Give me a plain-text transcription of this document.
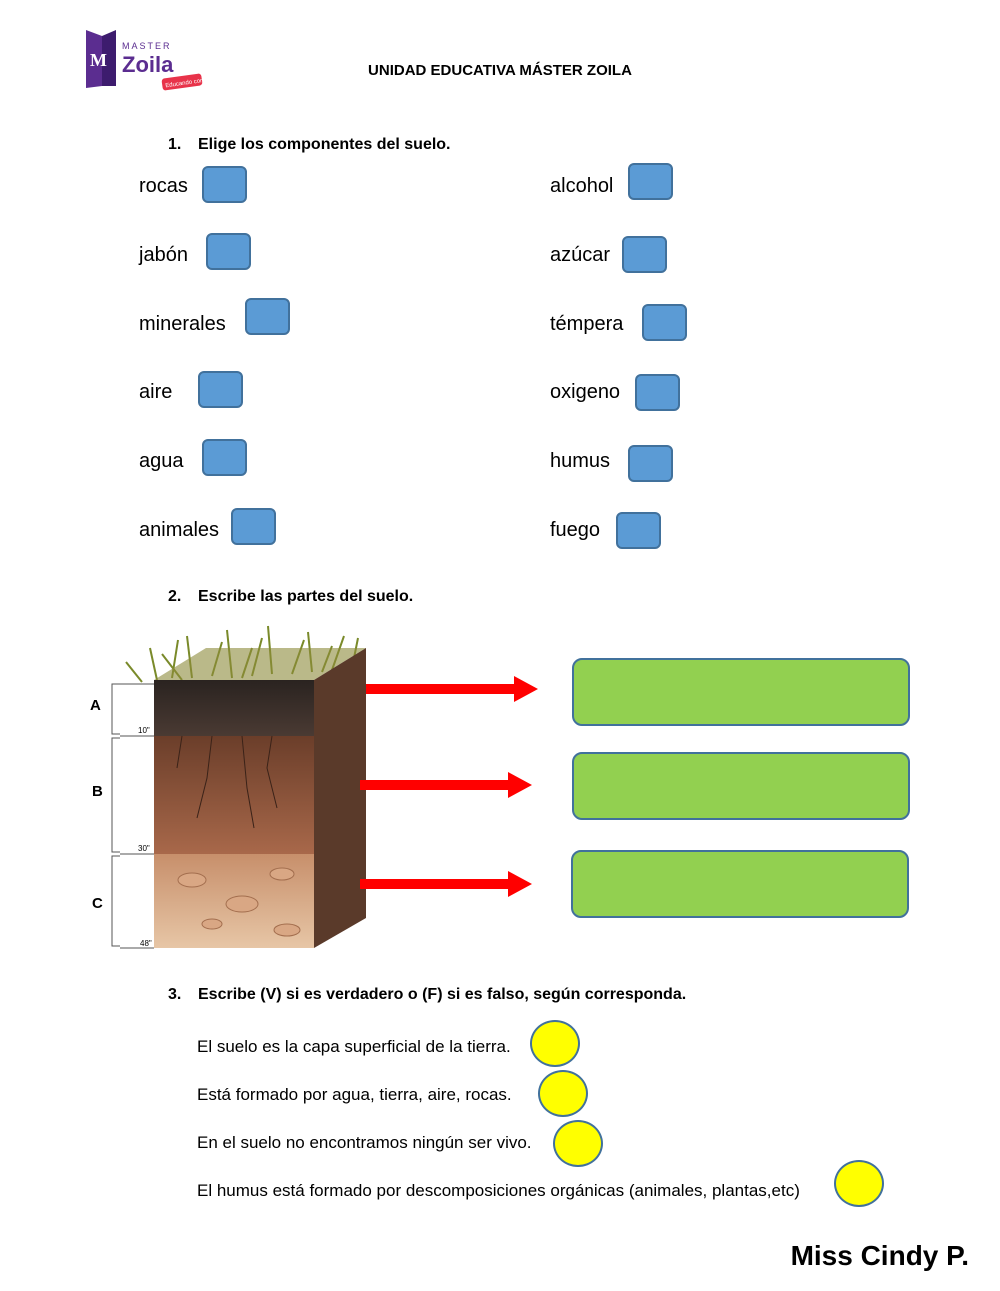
M
MASTER
Zoila
Educando con AMOR
UNIDAD EDUCATIVA MÁSTER ZOILA
1. Elige los componentes del suelo.
rocas
jabón
minerales
aire
agua
animales
alcohol
azúcar
témpera
oxigeno
humus
fuego
2. Escribe las partes del suelo.
A
B
C
10"
30"
48"
3. Escribe (V) si es verdadero o (F) si es falso, según corresponda.
El suelo es la capa superficial de la tierra.
Está formado por agua, tierra, aire, rocas.
En el suelo no encontramos ningún ser vivo.
El humus está formado por descomposiciones orgánicas (animales, plantas,etc)
Miss Cindy P.
